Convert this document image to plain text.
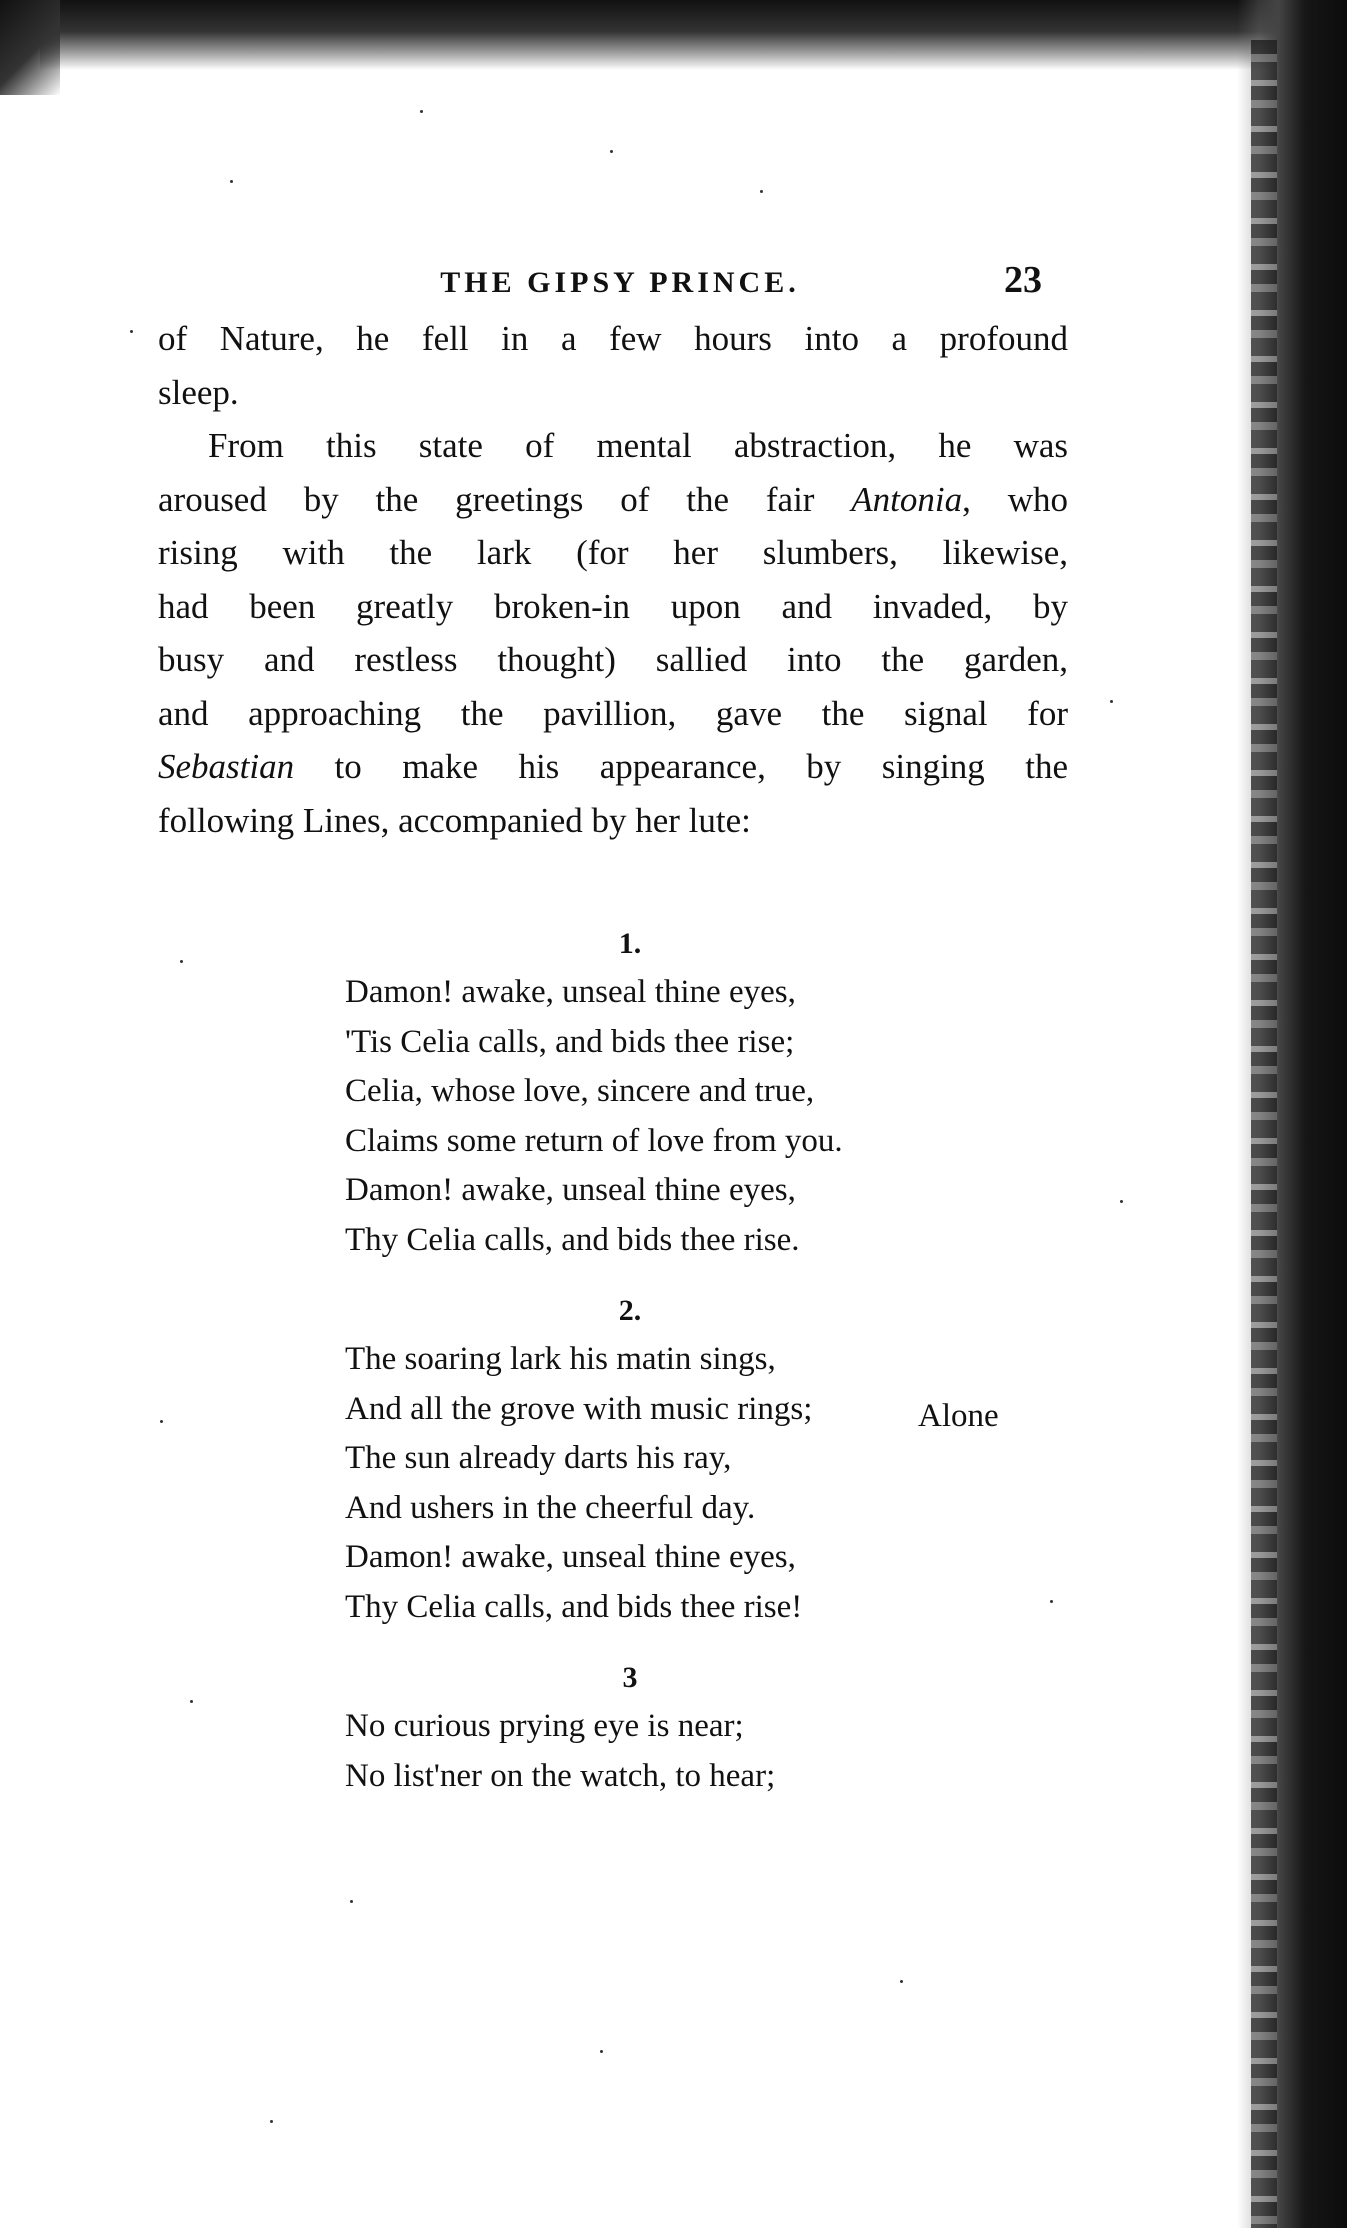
THE GIPSY PRINCE.	23
of Nature, he fell in a few hours into a profound
sleep.
From this state of mental abstraction, he was
aroused by the greetings of the fair Antonia, who
rising with the lark (for her slumbers, likewise,
had been greatly broken-in upon and invaded, by
busy and restless thought) sallied into the garden,
and approaching the pavillion, gave the signal for
Sebastian to make his appearance, by singing the
following Lines, accompanied by her lute:
1.
Damon! awake, unseal thine eyes,
'Tis Celia calls, and bids thee rise;
Celia, whose love, sincere and true,
Claims some return of love from you.
Damon! awake, unseal thine eyes,
Thy Celia calls, and bids thee rise.
2.
The soaring lark his matin sings,
And all the grove with music rings;
The sun already darts his ray,
And ushers in the cheerful day.
Damon! awake, unseal thine eyes,
Thy Celia calls, and bids thee rise!
3
No curious prying eye is near;
No list'ner on the watch, to hear;
Alone
